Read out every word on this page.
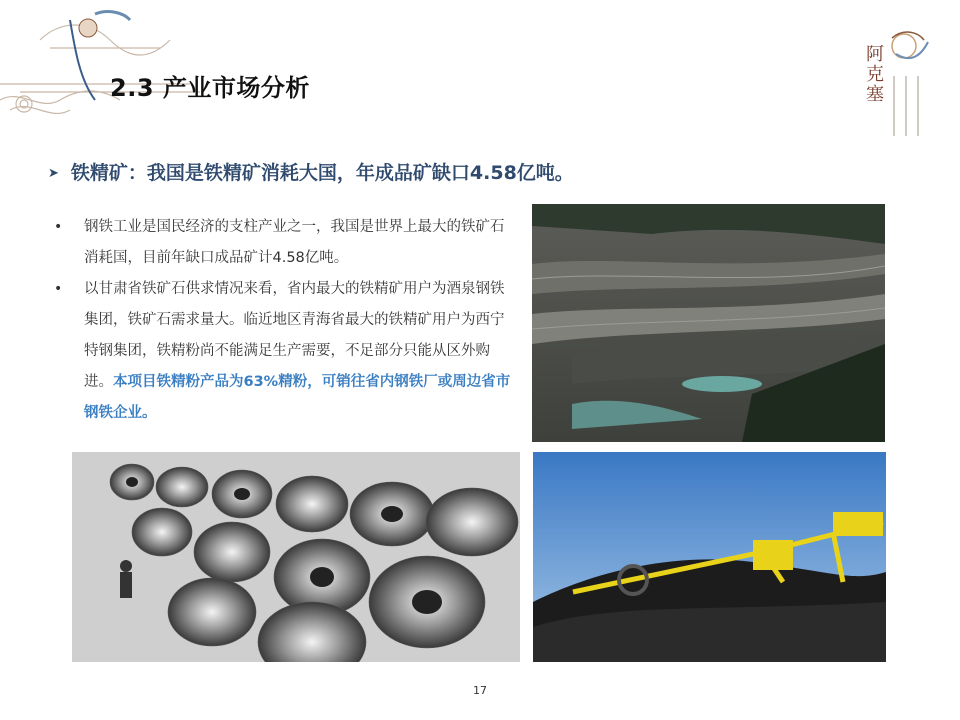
2.3 产业市场分析	阿克塞
➤ 铁精矿：我国是铁精矿消耗大国，年成品矿缺口4.58亿吨。
• 钢铁工业是国民经济的支柱产业之一，我国是世界上最大的铁矿石消耗国，目前年缺口成品矿计4.58亿吨。
• 以甘肃省铁矿石供求情况来看，省内最大的铁精矿用户为酒泉钢铁集团，铁矿石需求量大。临近地区青海省最大的铁精矿用户为西宁特钢集团，铁精粉尚不能满足生产需要，不足部分只能从区外购进。本项目铁精粉产品为63%精粉，可销往省内钢铁厂或周边省市钢铁企业。
17
